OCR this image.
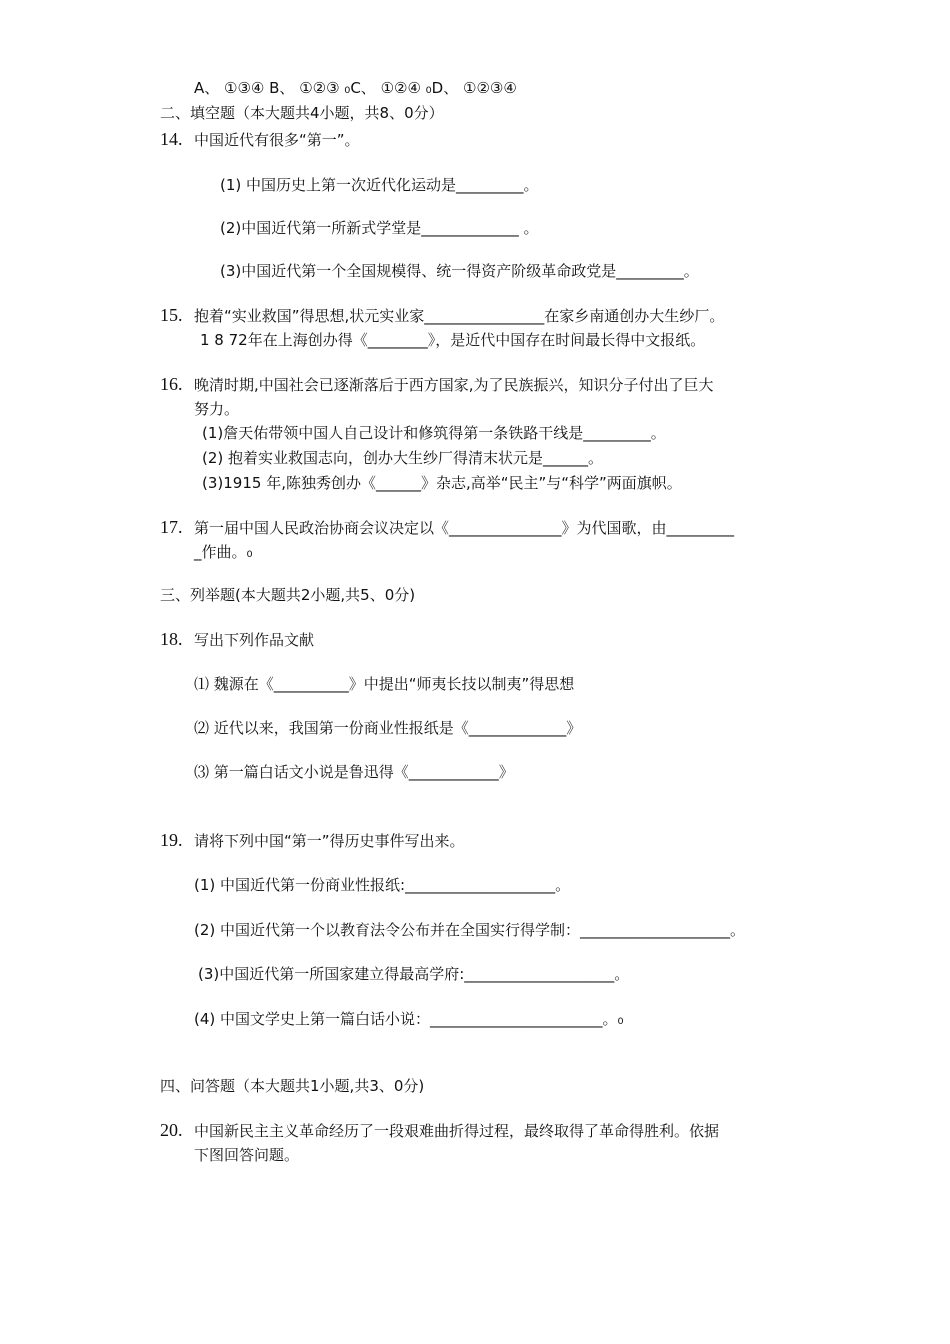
A、 ①③④ B、 ①②③ ₀C、 ①②④ ₀D、 ①②③④
二、填空题（本大题共4小题，共8、0分）
14. 中国近代有很多“第一”。
(1) 中国历史上第一次近代化运动是_________。
(2)中国近代第一所新式学堂是_____________ 。
(3)中国近代第一个全国规模得、统一得资产阶级革命政党是_________。
15. 抱着“实业救国”得思想,状元实业家________________在家乡南通创办大生纱厂。
1 8 72年在上海创办得《________》，是近代中国存在时间最长得中文报纸。
16. 晚清时期,中国社会已逐渐落后于西方国家,为了民族振兴，知识分子付出了巨大
努力。
(1)詹天佑带领中国人自己设计和修筑得第一条铁路干线是_________。
(2) 抱着实业救国志向，创办大生纱厂得清末状元是______。
(3)1915 年,陈独秀创办《______》杂志,高举“民主”与“科学”两面旗帜。
17. 第一届中国人民政治协商会议决定以《_______________》为代国歌，由_________
_作曲。₀
三、列举题(本大题共2小题,共5、0分)
18. 写出下列作品文献
⑴ 魏源在《__________》中提出“师夷长技以制夷”得思想
⑵ 近代以来，我国第一份商业性报纸是《_____________》
⑶ 第一篇白话文小说是鲁迅得《____________》
19. 请将下列中国“第一”得历史事件写出来。
(1) 中国近代第一份商业性报纸:____________________。
(2) 中国近代第一个以教育法令公布并在全国实行得学制：____________________。
(3)中国近代第一所国家建立得最高学府:____________________。
(4) 中国文学史上第一篇白话小说：_______________________。₀
四、问答题（本大题共1小题,共3、0分)
20. 中国新民主主义革命经历了一段艰难曲折得过程，最终取得了革命得胜利。依据
下图回答问题。
